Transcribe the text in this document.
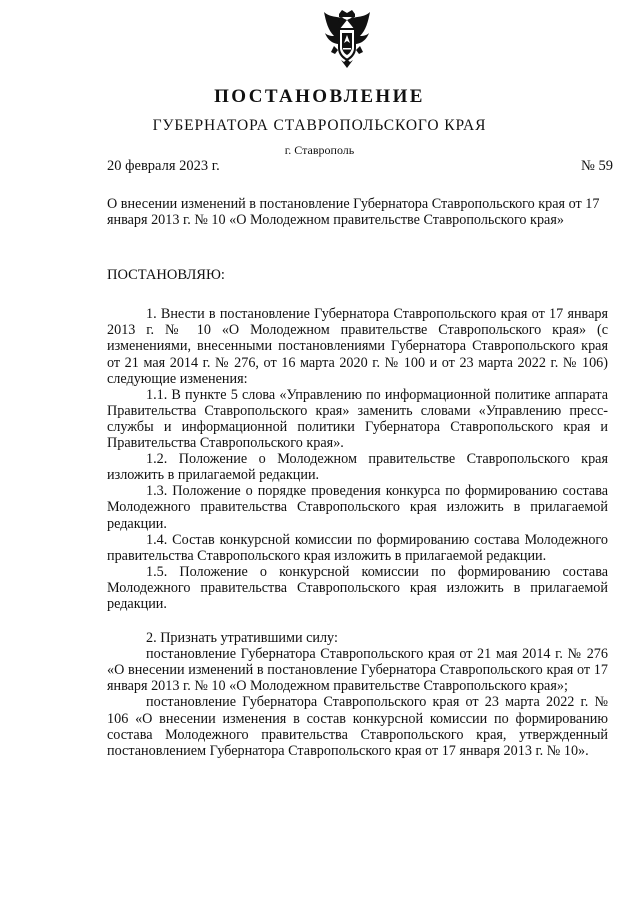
ПОСТАНОВЛЕНИЕ
ГУБЕРНАТОРА СТАВРОПОЛЬСКОГО КРАЯ
г. Ставрополь
20 февраля 2023 г.	№ 59

О внесении изменений в постановление Губернатора Ставропольского края от 17 января 2013 г. № 10 «О Молодежном правительстве Ставропольского края»

ПОСТАНОВЛЯЮ:

1. Внести в постановление Губернатора Ставропольского края от 17 января 2013 г. № 10 «О Молодежном правительстве Ставропольского края» (с изменениями, внесенными постановлениями Губернатора Ставропольского края от 21 мая 2014 г. № 276, от 16 марта 2020 г. № 100 и от 23 марта 2022 г. № 106) следующие изменения:

1.1. В пункте 5 слова «Управлению по информационной политике аппарата Правительства Ставропольского края» заменить словами «Управлению пресс-службы и информационной политики Губернатора Ставропольского края и Правительства Ставропольского края».

1.2. Положение о Молодежном правительстве Ставропольского края изложить в прилагаемой редакции.

1.3. Положение о порядке проведения конкурса по формированию состава Молодежного правительства Ставропольского края изложить в прилагаемой редакции.

1.4. Состав конкурсной комиссии по формированию состава Молодежного правительства Ставропольского края изложить в прилагаемой редакции.

1.5. Положение о конкурсной комиссии по формированию состава Молодежного правительства Ставропольского края изложить в прилагаемой редакции.

2. Признать утратившими силу:

постановление Губернатора Ставропольского края от 21 мая 2014 г. № 276 «О внесении изменений в постановление Губернатора Ставропольского края от 17 января 2013 г. № 10 «О Молодежном правительстве Ставропольского края»;

постановление Губернатора Ставропольского края от 23 марта 2022 г. № 106 «О внесении изменения в состав конкурсной комиссии по формированию состава Молодежного правительства Ставропольского края, утвержденный постановлением Губернатора Ставропольского края от 17 января 2013 г. № 10».
